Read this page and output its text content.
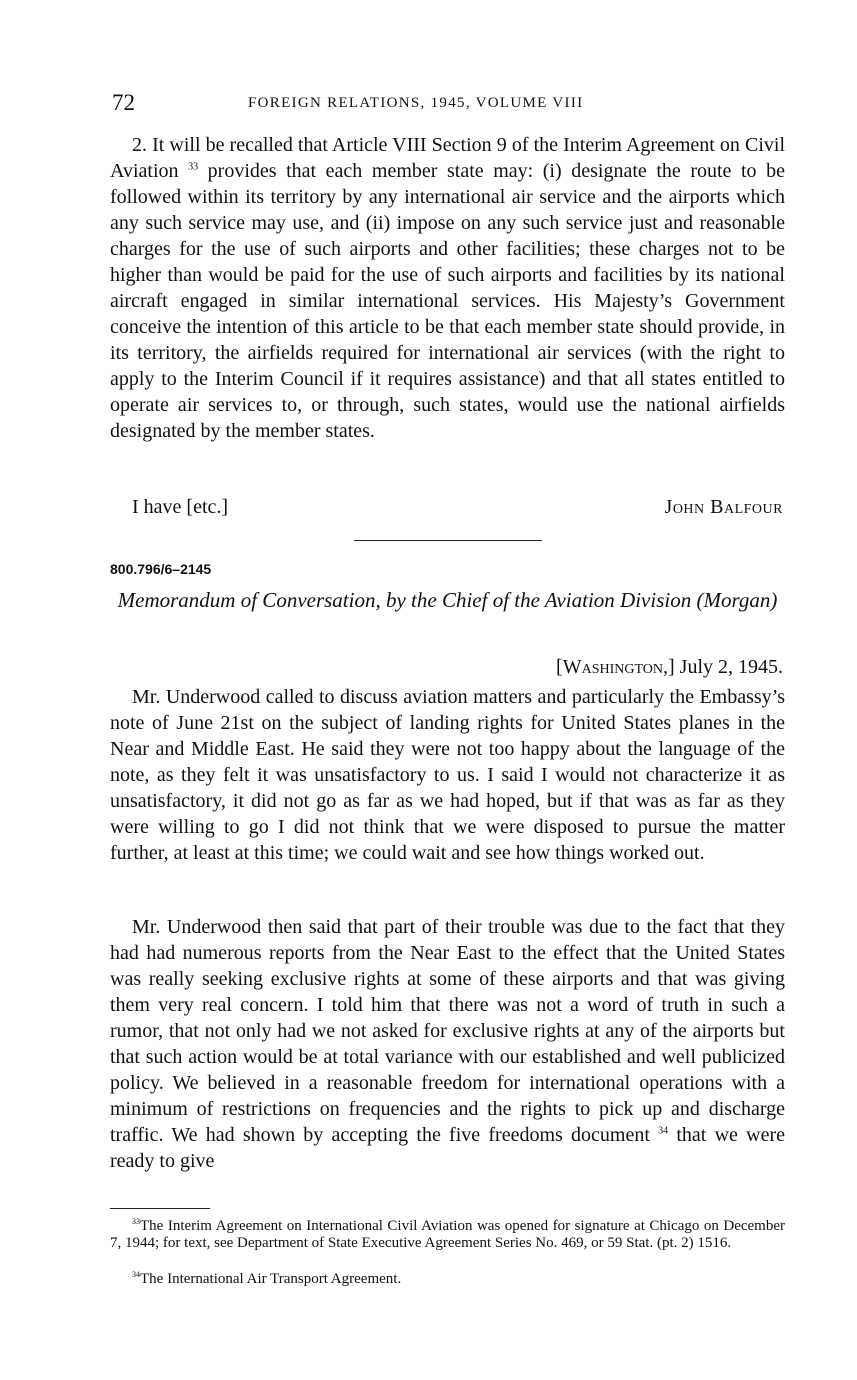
72	FOREIGN RELATIONS, 1945, VOLUME VIII

2. It will be recalled that Article VIII Section 9 of the Interim Agreement on Civil Aviation $^{33}$ provides that each member state may: (i) designate the route to be followed within its territory by any international air service and the airports which any such service may use, and (ii) impose on any such service just and reasonable charges for the use of such airports and other facilities; these charges not to be higher than would be paid for the use of such airports and facilities by its national aircraft engaged in similar international services. His Majesty’s Government conceive the intention of this article to be that each member state should provide, in its territory, the airfields required for international air services (with the right to apply to the Interim Council if it requires assistance) and that all states entitled to operate air services to, or through, such states, would use the national airfields designated by the member states.

I have [etc.]	John Balfour
800.796/6–2145
Memorandum of Conversation, by the Chief of the Aviation Division (Morgan)
[Washington,] July 2, 1945.

Mr. Underwood called to discuss aviation matters and particularly the Embassy’s note of June 21st on the subject of landing rights for United States planes in the Near and Middle East. He said they were not too happy about the language of the note, as they felt it was unsatisfactory to us. I said I would not characterize it as unsatisfactory, it did not go as far as we had hoped, but if that was as far as they were willing to go I did not think that we were disposed to pursue the matter further, at least at this time; we could wait and see how things worked out.

Mr. Underwood then said that part of their trouble was due to the fact that they had had numerous reports from the Near East to the effect that the United States was really seeking exclusive rights at some of these airports and that was giving them very real concern. I told him that there was not a word of truth in such a rumor, that not only had we not asked for exclusive rights at any of the airports but that such action would be at total variance with our established and well publicized policy. We believed in a reasonable freedom for international operations with a minimum of restrictions on frequencies and the rights to pick up and discharge traffic. We had shown by accepting the five freedoms document $^{34}$ that we were ready to give

$^{33}$The Interim Agreement on International Civil Aviation was opened for signature at Chicago on December 7, 1944; for text, see Department of State Executive Agreement Series No. 469, or 59 Stat. (pt. 2) 1516.

$^{34}$The International Air Transport Agreement.
